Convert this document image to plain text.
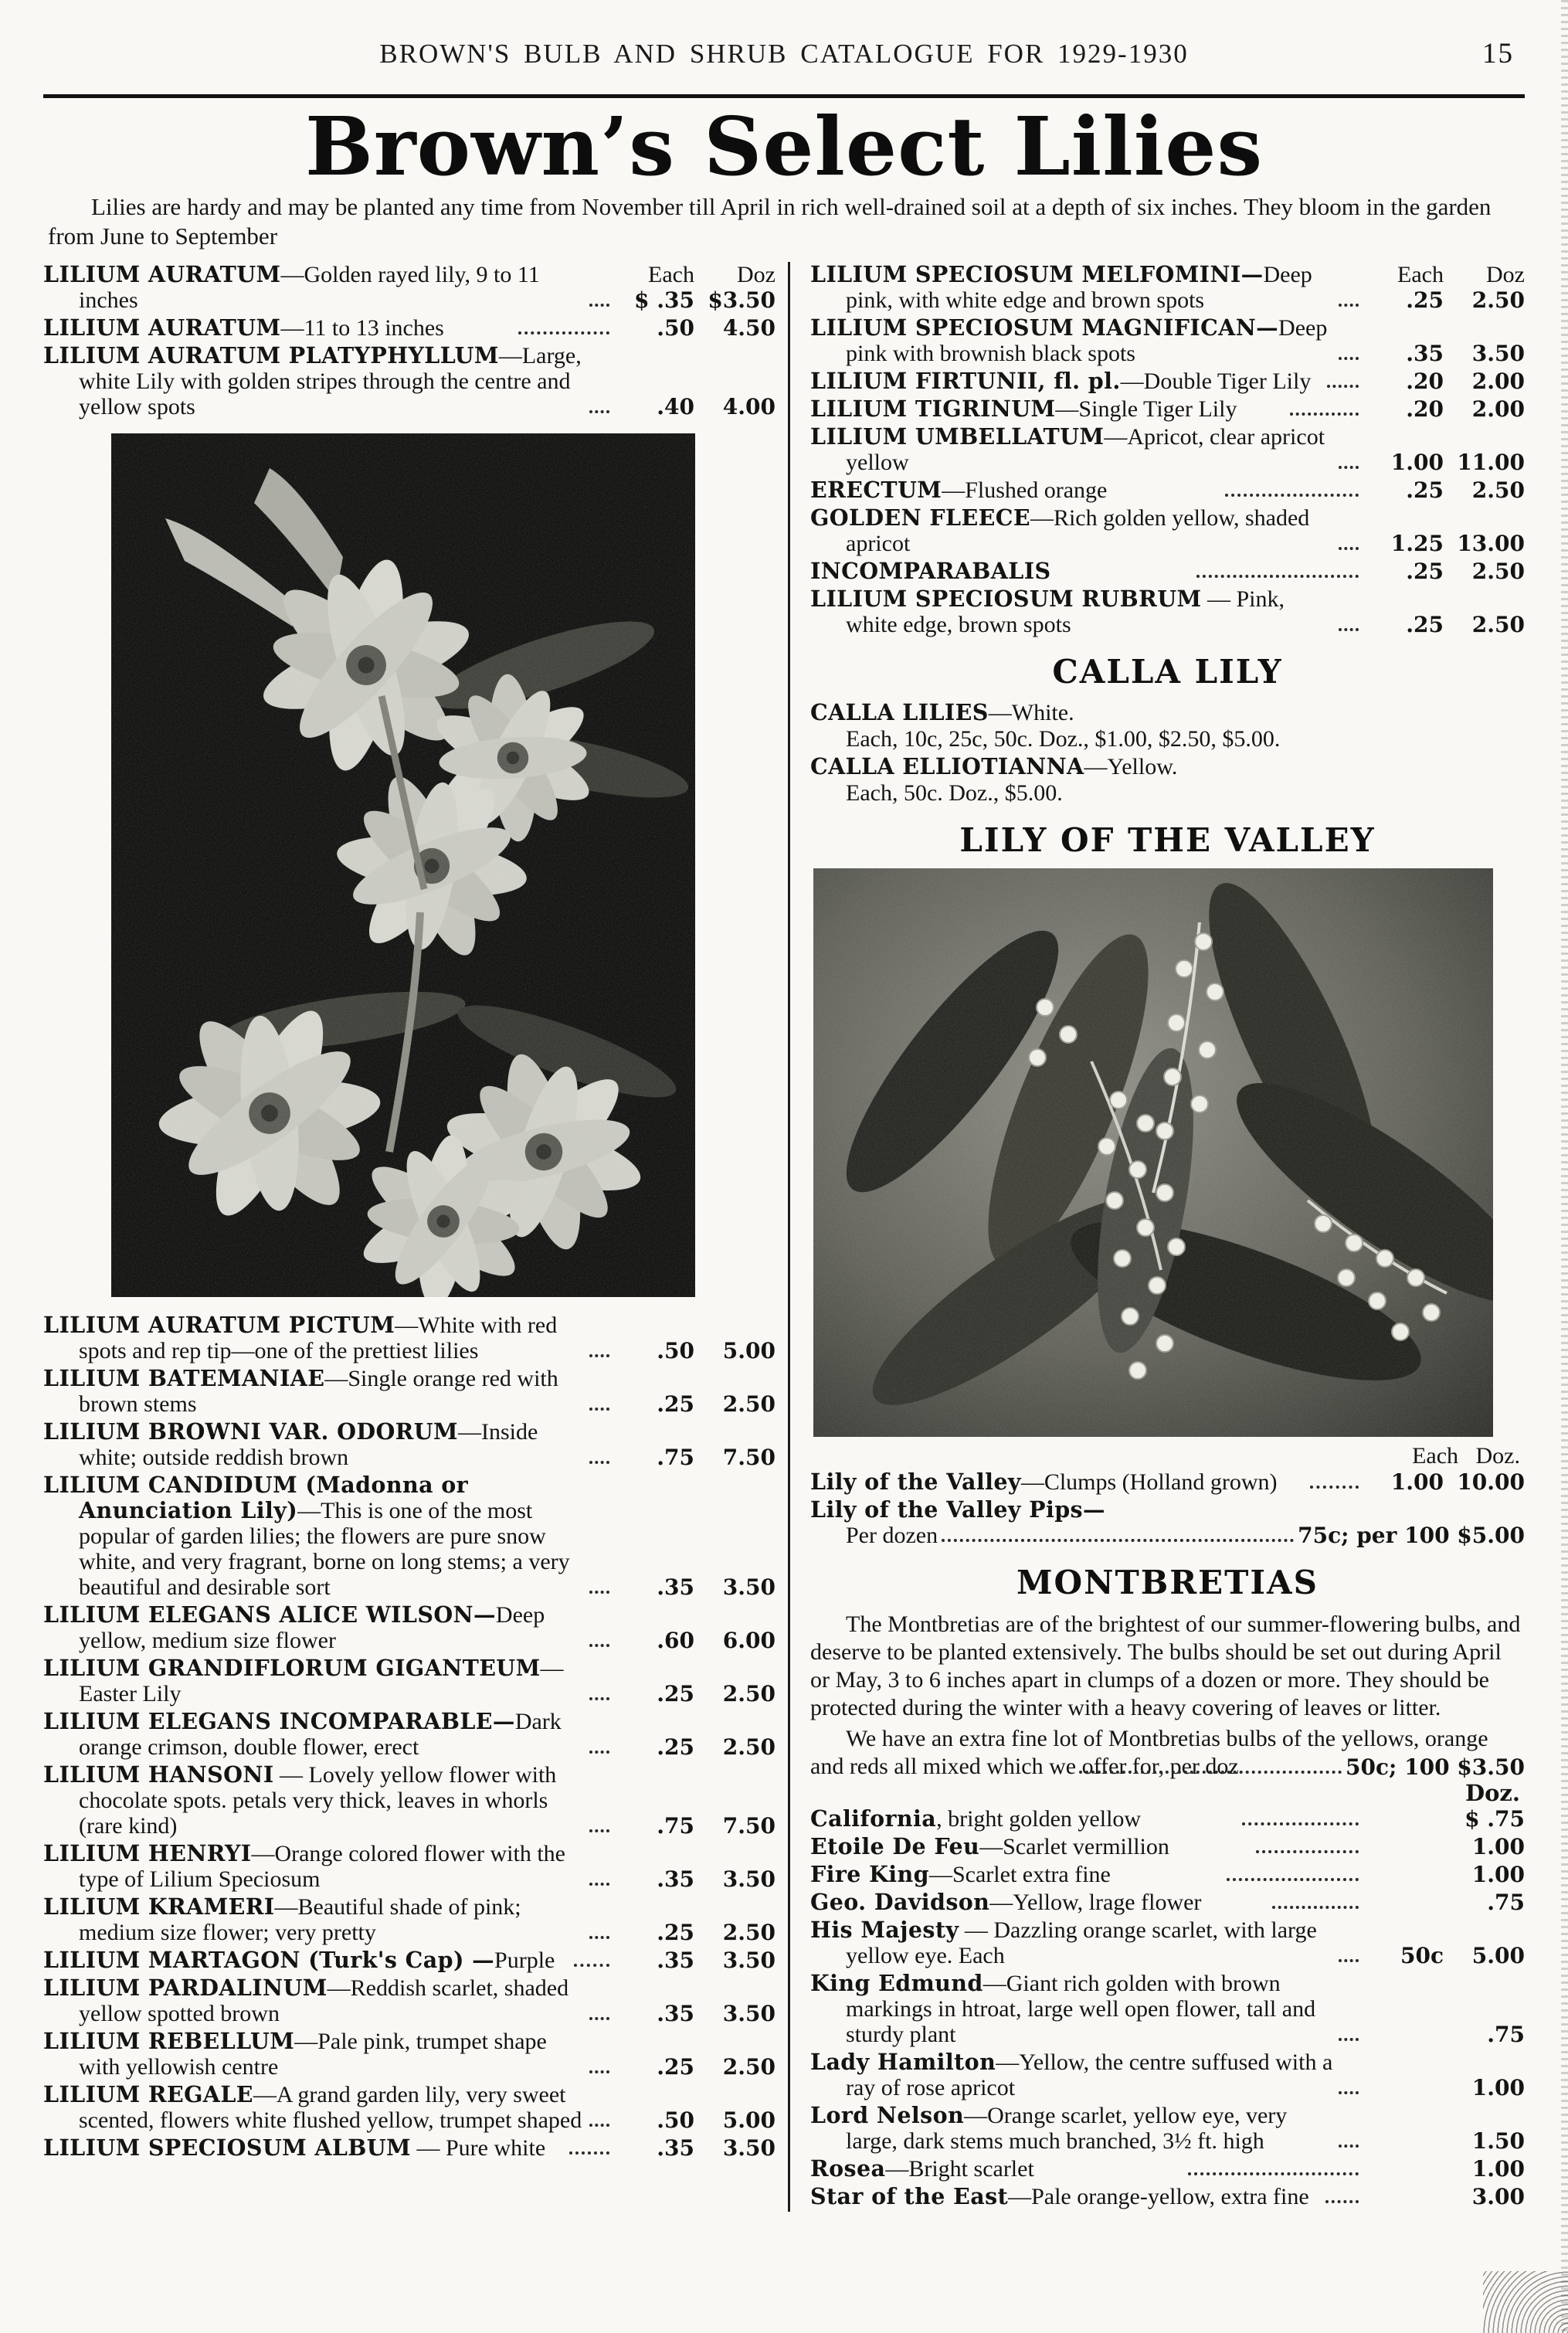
BROWN'S BULB AND SHRUB CATALOGUE FOR 1929-1930	15
Brown’s Select Lilies
Lilies are hardy and may be planted any time from November till April in rich well-drained soil at a depth of six inches. They bloom in the garden from June to September
Each	Doz
LILIUM AURATUM—Golden rayed lily, 9 to 11 inches	$ .35 $3.50
LILIUM AURATUM—11 to 13 inches	.50	4.50
LILIUM AURATUM PLATYPHYLLUM—Large, white Lily with golden stripes through the centre and yellow spots	.40	4.00
LILIUM AURATUM PICTUM—White with red spots and rep tip—one of the prettiest lilies	.50	5.00
LILIUM BATEMANIAE—Single orange red with brown stems	.25	2.50
LILIUM BROWNI VAR. ODORUM—Inside white; outside reddish brown	.75	7.50
LILIUM CANDIDUM (Madonna or Anunciation Lily)—This is one of the most popular of garden lilies; the flowers are pure snow white, and very fragrant, borne on long stems; a very beautiful and desirable sort	.35	3.50
LILIUM ELEGANS ALICE WILSON—Deep yellow, medium size flower	.60	6.00
LILIUM GRANDIFLORUM GIGANTEUM—Easter Lily	.25	2.50
LILIUM ELEGANS INCOMPARABLE—Dark orange crimson, double flower, erect	.25	2.50
LILIUM HANSONI — Lovely yellow flower with chocolate spots. petals very thick, leaves in whorls (rare kind)	.75	7.50
LILIUM HENRYI—Orange colored flower with the type of Lilium Speciosum	.35	3.50
LILIUM KRAMERI—Beautiful shade of pink; medium size flower; very pretty	.25	2.50
LILIUM MARTAGON (Turk's Cap) —Purple	.35	3.50
LILIUM PARDALINUM—Reddish scarlet, shaded yellow spotted brown	.35	3.50
LILIUM REBELLUM—Pale pink, trumpet shape with yellowish centre	.25	2.50
LILIUM REGALE—A grand garden lily, very sweet scented, flowers white flushed yellow, trumpet shaped	.50	5.00
LILIUM SPECIOSUM ALBUM — Pure white	.35	3.50
Each	Doz
LILIUM SPECIOSUM MELFOMINI—Deep pink, with white edge and brown spots	.25	2.50
LILIUM SPECIOSUM MAGNIFICAN—Deep pink with brownish black spots	.35	3.50
LILIUM FIRTUNII, fl. pl.—Double Tiger Lily	.20	2.00
LILIUM TIGRINUM—Single Tiger Lily	.20	2.00
LILIUM UMBELLATUM—Apricot, clear apricot yellow	1.00 11.00
ERECTUM—Flushed orange	.25	2.50
GOLDEN FLEECE—Rich golden yellow, shaded apricot	1.25 13.00
INCOMPARABALIS	.25	2.50
LILIUM SPECIOSUM RUBRUM — Pink, white edge, brown spots	.25	2.50
CALLA LILY
CALLA LILIES—White.
Each, 10c, 25c, 50c. Doz., $1.00, $2.50, $5.00.
CALLA ELLIOTIANNA—Yellow.
Each, 50c. Doz., $5.00.
LILY OF THE VALLEY
Each   Doz.
Lily of the Valley—Clumps (Holland grown)	1.00 10.00
Lily of the Valley Pips—
Per dozen	75c; per 100 $5.00
MONTBRETIAS
The Montbretias are of the brightest of our summer-flowering bulbs, and deserve to be planted extensively. The bulbs should be set out during April or May, 3 to 6 inches apart in clumps of a dozen or more. They should be protected during the winter with a heavy covering of leaves or litter.
We have an extra fine lot of Montbretias bulbs of the yellows, orange and reds all mixed which we offer for, per doz	50c; 100 $3.50
Doz.
California, bright golden yellow	$ .75
Etoile De Feu—Scarlet vermillion	1.00
Fire King—Scarlet extra fine	1.00
Geo. Davidson—Yellow, lrage flower	.75
His Majesty — Dazzling orange scarlet, with large yellow eye. Each	50c	5.00
King Edmund—Giant rich golden with brown markings in htroat, large well open flower, tall and sturdy plant	.75
Lady Hamilton—Yellow, the centre suffused with a ray of rose apricot	1.00
Lord Nelson—Orange scarlet, yellow eye, very large, dark stems much branched, 3½ ft. high	1.50
Rosea—Bright scarlet	1.00
Star of the East—Pale orange-yellow, extra fine	3.00
